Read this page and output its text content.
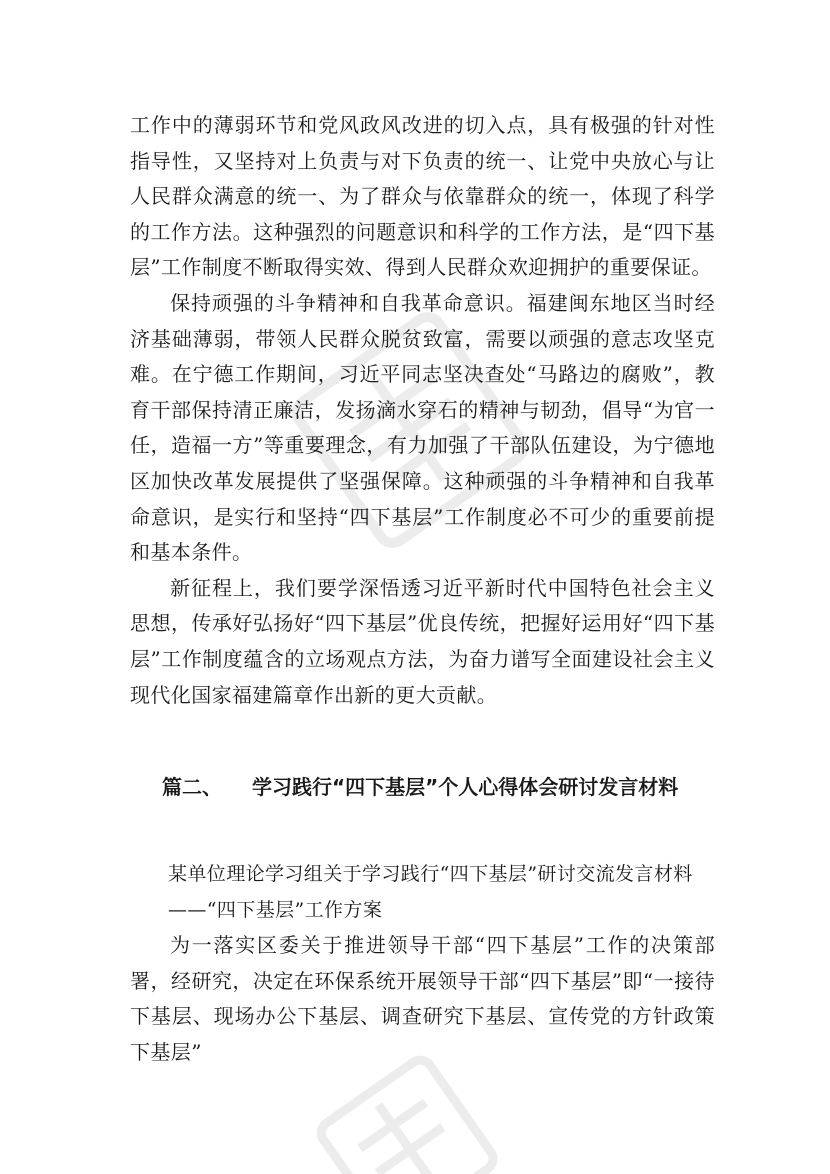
工作中的薄弱环节和党风政风改进的切入点，具有极强的针对性指导性，又坚持对上负责与对下负责的统一、让党中央放心与让人民群众满意的统一、为了群众与依靠群众的统一，体现了科学的工作方法。这种强烈的问题意识和科学的工作方法，是“四下基层”工作制度不断取得实效、得到人民群众欢迎拥护的重要保证。

保持顽强的斗争精神和自我革命意识。福建闽东地区当时经济基础薄弱，带领人民群众脱贫致富，需要以顽强的意志攻坚克难。在宁德工作期间，习近平同志坚决查处“马路边的腐败”，教育干部保持清正廉洁，发扬滴水穿石的精神与韧劲，倡导“为官一任，造福一方”等重要理念，有力加强了干部队伍建设，为宁德地区加快改革发展提供了坚强保障。这种顽强的斗争精神和自我革命意识，是实行和坚持“四下基层”工作制度必不可少的重要前提和基本条件。

新征程上，我们要学深悟透习近平新时代中国特色社会主义思想，传承好弘扬好“四下基层”优良传统，把握好运用好“四下基层”工作制度蕴含的立场观点方法，为奋力谱写全面建设社会主义现代化国家福建篇章作出新的更大贡献。

篇二、 学习践行“四下基层”个人心得体会研讨发言材料

某单位理论学习组关于学习践行“四下基层”研讨交流发言材料

——“四下基层”工作方案

为一落实区委关于推进领导干部“四下基层”工作的决策部署，经研究，决定在环保系统开展领导干部“四下基层”即“一接待下基层、现场办公下基层、调查研究下基层、宣传党的方针政策下基层”
